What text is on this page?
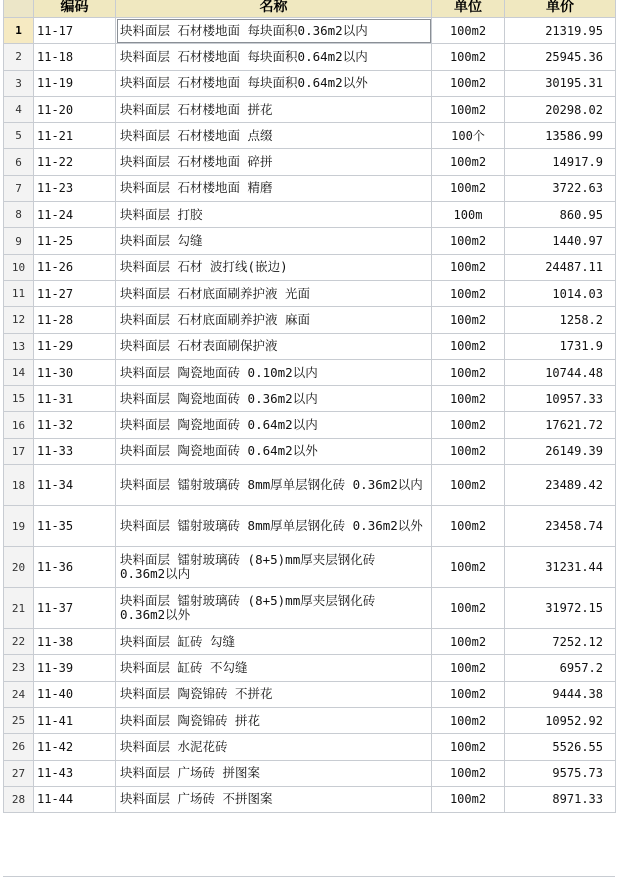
	编码	名称	单位	单价
1	11-17	块料面层 石材楼地面 每块面积0.36m2以内	100m2	21319.95
2	11-18	块料面层 石材楼地面 每块面积0.64m2以内	100m2	25945.36
3	11-19	块料面层 石材楼地面 每块面积0.64m2以外	100m2	30195.31
4	11-20	块料面层 石材楼地面 拼花	100m2	20298.02
5	11-21	块料面层 石材楼地面 点缀	100个	13586.99
6	11-22	块料面层 石材楼地面 碎拼	100m2	14917.9
7	11-23	块料面层 石材楼地面 精磨	100m2	3722.63
8	11-24	块料面层 打胶	100m	860.95
9	11-25	块料面层 勾缝	100m2	1440.97
10	11-26	块料面层 石材 波打线(嵌边)	100m2	24487.11
11	11-27	块料面层 石材底面刷养护液 光面	100m2	1014.03
12	11-28	块料面层 石材底面刷养护液 麻面	100m2	1258.2
13	11-29	块料面层 石材表面刷保护液	100m2	1731.9
14	11-30	块料面层 陶瓷地面砖 0.10m2以内	100m2	10744.48
15	11-31	块料面层 陶瓷地面砖 0.36m2以内	100m2	10957.33
16	11-32	块料面层 陶瓷地面砖 0.64m2以内	100m2	17621.72
17	11-33	块料面层 陶瓷地面砖 0.64m2以外	100m2	26149.39
18	11-34	块料面层 镭射玻璃砖 8mm厚单层钢化砖 0.36m2以内	100m2	23489.42
19	11-35	块料面层 镭射玻璃砖 8mm厚单层钢化砖 0.36m2以外	100m2	23458.74
20	11-36	块料面层 镭射玻璃砖 (8+5)mm厚夹层钢化砖 0.36m2以内	100m2	31231.44
21	11-37	块料面层 镭射玻璃砖 (8+5)mm厚夹层钢化砖 0.36m2以外	100m2	31972.15
22	11-38	块料面层 缸砖 勾缝	100m2	7252.12
23	11-39	块料面层 缸砖 不勾缝	100m2	6957.2
24	11-40	块料面层 陶瓷锦砖 不拼花	100m2	9444.38
25	11-41	块料面层 陶瓷锦砖 拼花	100m2	10952.92
26	11-42	块料面层 水泥花砖	100m2	5526.55
27	11-43	块料面层 广场砖 拼图案	100m2	9575.73
28	11-44	块料面层 广场砖 不拼图案	100m2	8971.33
